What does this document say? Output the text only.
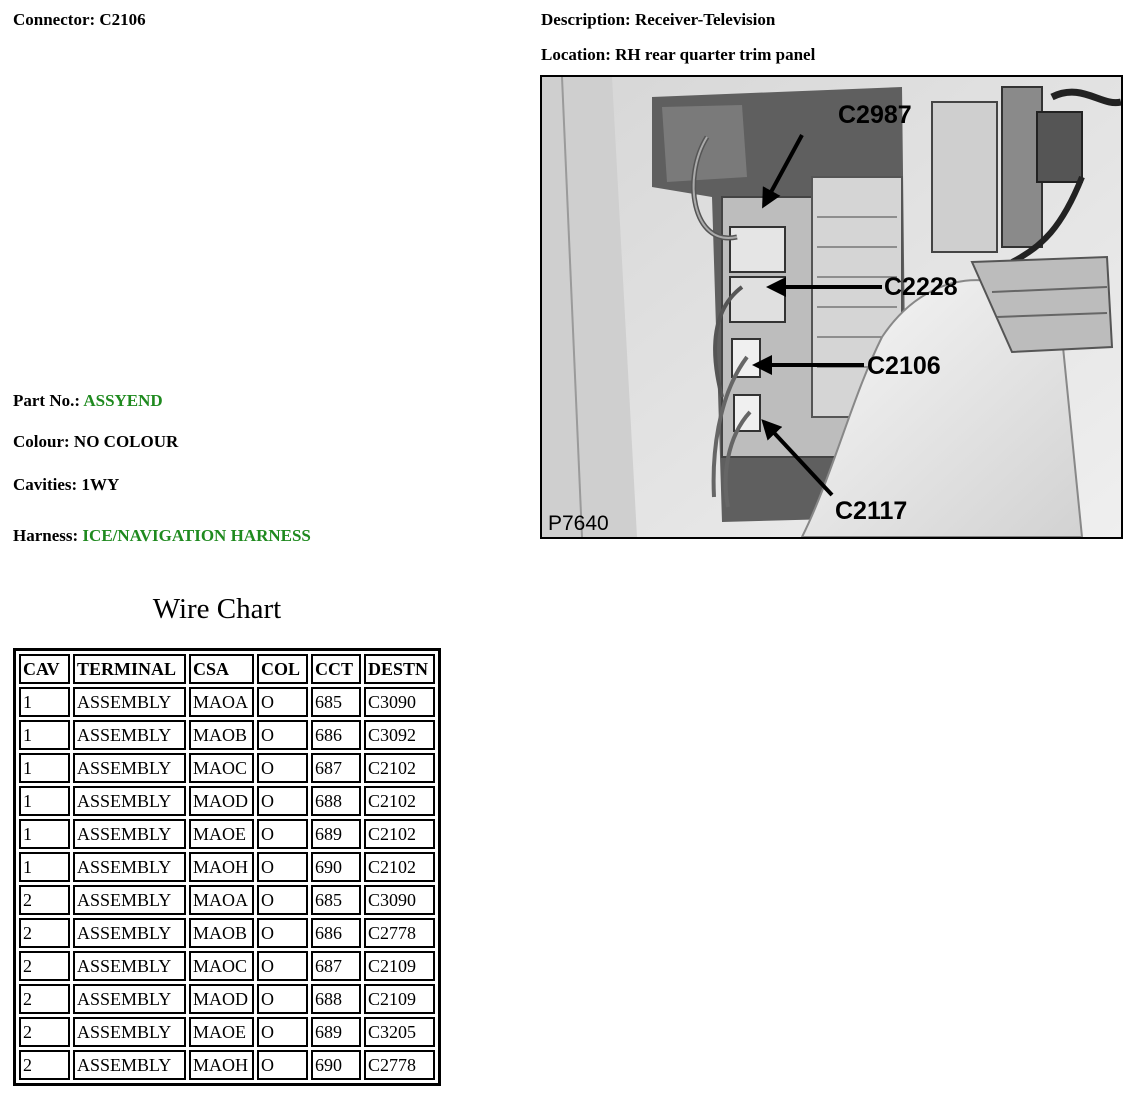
Connector: C2106	Description: Receiver-Television
Location: RH rear quarter trim panel
C2987
C2228
C2106
C2117
P7640
Part No.: ASSYEND
Colour: NO COLOUR
Cavities: 1WY
Harness: ICE/NAVIGATION HARNESS
Wire Chart
CAV	TERMINAL	CSA	COL	CCT	DESTN
1	ASSEMBLY	MAOA	O	685	C3090
1	ASSEMBLY	MAOB	O	686	C3092
1	ASSEMBLY	MAOC	O	687	C2102
1	ASSEMBLY	MAOD	O	688	C2102
1	ASSEMBLY	MAOE	O	689	C2102
1	ASSEMBLY	MAOH	O	690	C2102
2	ASSEMBLY	MAOA	O	685	C3090
2	ASSEMBLY	MAOB	O	686	C2778
2	ASSEMBLY	MAOC	O	687	C2109
2	ASSEMBLY	MAOD	O	688	C2109
2	ASSEMBLY	MAOE	O	689	C3205
2	ASSEMBLY	MAOH	O	690	C2778
